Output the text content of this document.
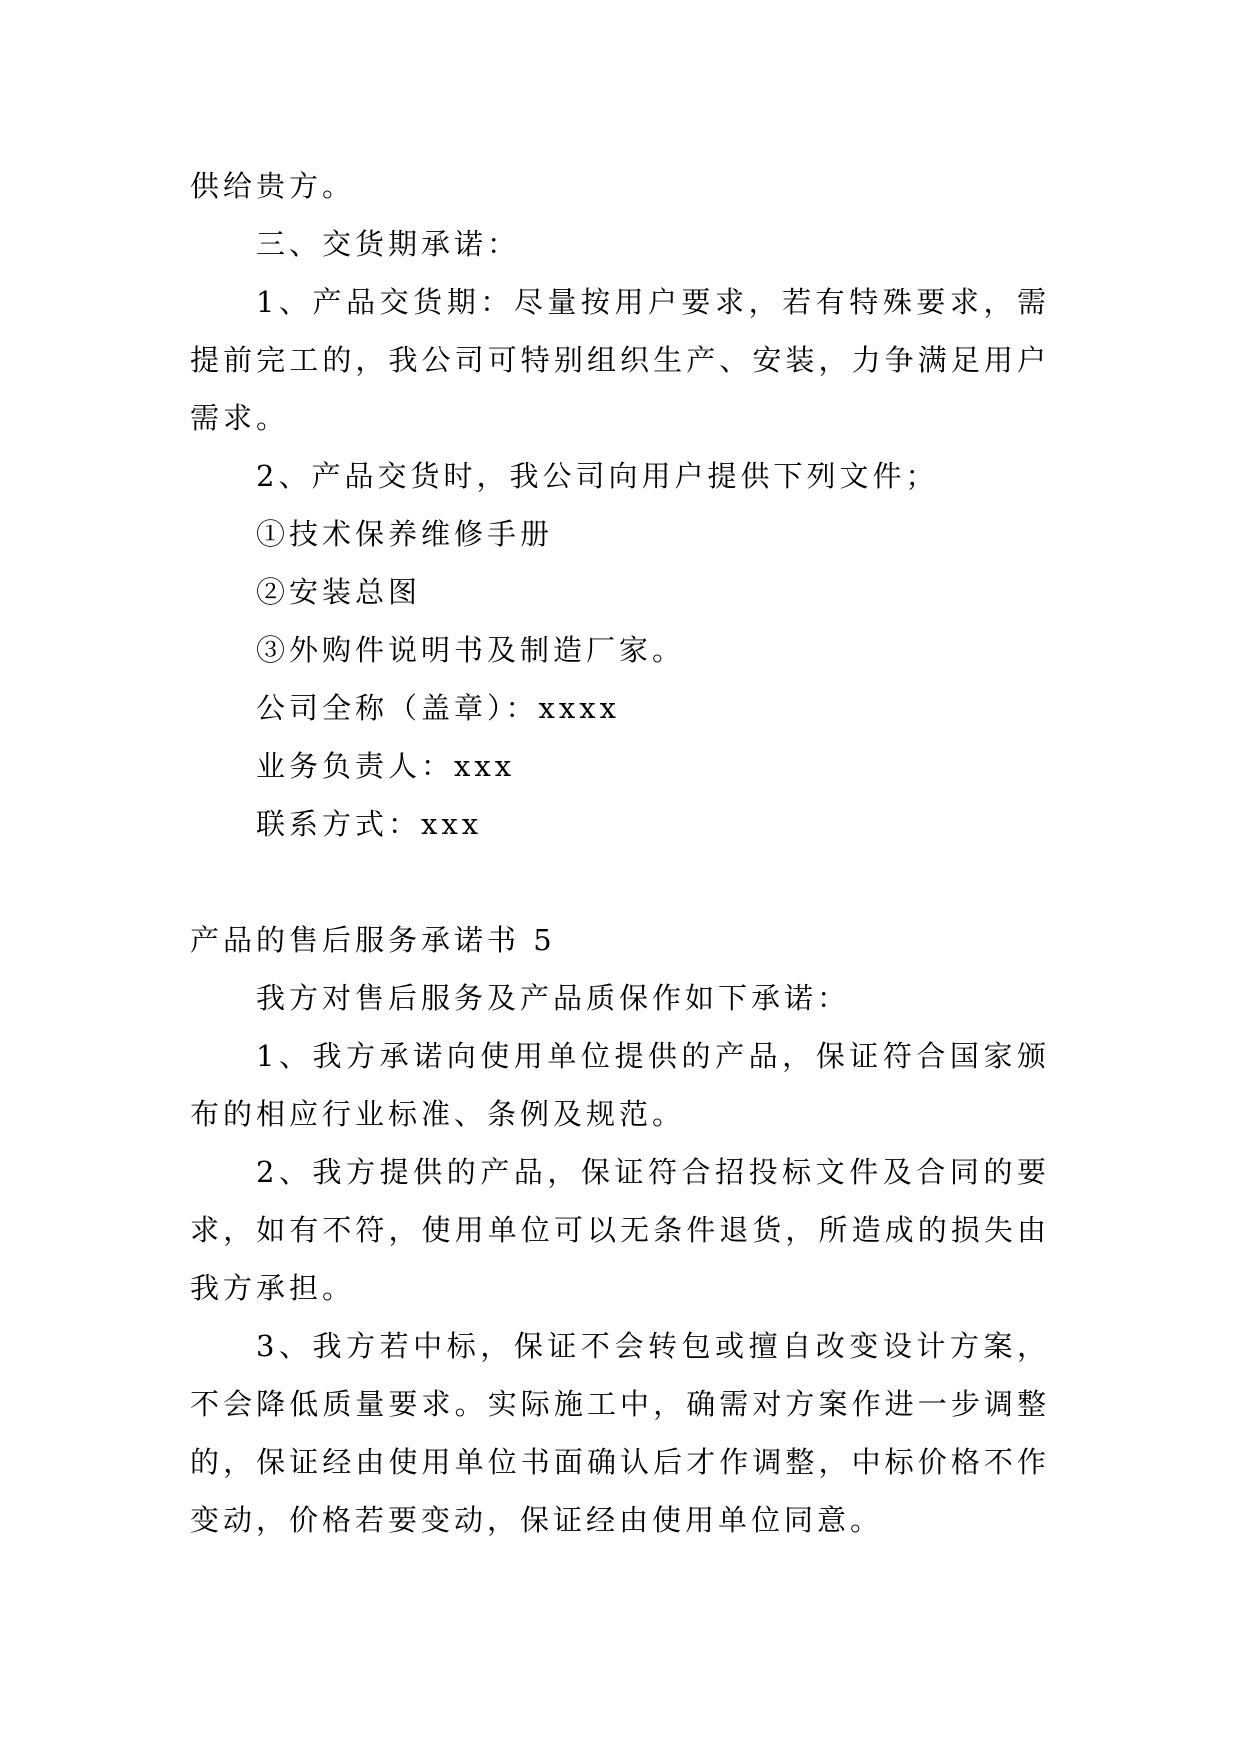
供给贵方。
三、交货期承诺：
1、产品交货期：尽量按用户要求，若有特殊要求，需
提前完工的，我公司可特别组织生产、安装，力争满足用户
需求。
2、产品交货时，我公司向用户提供下列文件；
①技术保养维修手册
②安装总图
③外购件说明书及制造厂家。
公司全称（盖章）：xxxx
业务负责人：xxx
联系方式：xxx
产品的售后服务承诺书 5
我方对售后服务及产品质保作如下承诺：
1、我方承诺向使用单位提供的产品，保证符合国家颁
布的相应行业标准、条例及规范。
2、我方提供的产品，保证符合招投标文件及合同的要
求，如有不符，使用单位可以无条件退货，所造成的损失由
我方承担。
3、我方若中标，保证不会转包或擅自改变设计方案，
不会降低质量要求。实际施工中，确需对方案作进一步调整
的，保证经由使用单位书面确认后才作调整，中标价格不作
变动，价格若要变动，保证经由使用单位同意。
